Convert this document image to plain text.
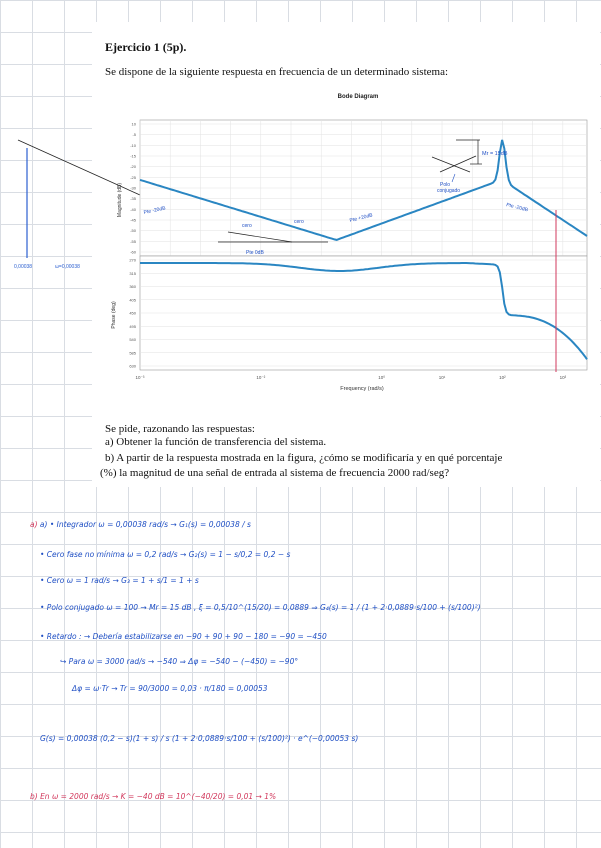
Ejercicio 1 (5p).
Se dispone de la siguiente respuesta en frecuencia de un determinado sistema:
0,00038	ω=0,00038
Bode Diagram
10
-5
-10
-15
-20
-25
-30
-35
-40
-45
-50
-55
-60
Magnitude (dB)
Mr = 15dB
Polo
conjugado
cero
cero
Pte -20dB
Pte 0dB
Pte +20dB
Pte -20dB
270
315
360
405
450
495
540
585
630
Phase (deg)
10⁻³	10⁻²	10⁰	10¹	10²	10³
Frequency (rad/s)
Se pide, razonando las respuestas:
a) Obtener la función de transferencia del sistema.
b) A partir de la respuesta mostrada en la figura, ¿cómo se modificaría y en qué porcentaje
(%) la magnitud de una señal de entrada al sistema de frecuencia 2000 rad/seg?
a) a) • Integrador ω = 0,00038 rad/s → G₁(s) = 0,00038 / s
• Cero fase no mínima ω = 0,2 rad/s → G₂(s) = 1 − s/0,2 = 0,2 − s
• Cero ω = 1 rad/s → G₃ = 1 + s/1 = 1 + s
• Polo conjugado ω = 100 → Mr = 15 dB , ξ = 0,5/10^(15/20) = 0,0889 ⇒ G₄(s) = 1 / (1 + 2·0,0889·s/100 + (s/100)²)
• Retardo : → Debería estabilizarse en −90 + 90 + 90 − 180 = −90 = −450
↪ Para ω = 3000 rad/s → −540 ⇒ Δφ = −540 − (−450) = −90°
Δφ = ω·Tr → Tr = 90/3000 = 0,03 · π/180 = 0,00053
G(s) = 0,00038 (0,2 − s)(1 + s) / s (1 + 2·0,0889·s/100 + (s/100)²) · e^(−0,00053 s)
b) En ω = 2000 rad/s → K = −40 dB = 10^(−40/20) = 0,01 → 1%
